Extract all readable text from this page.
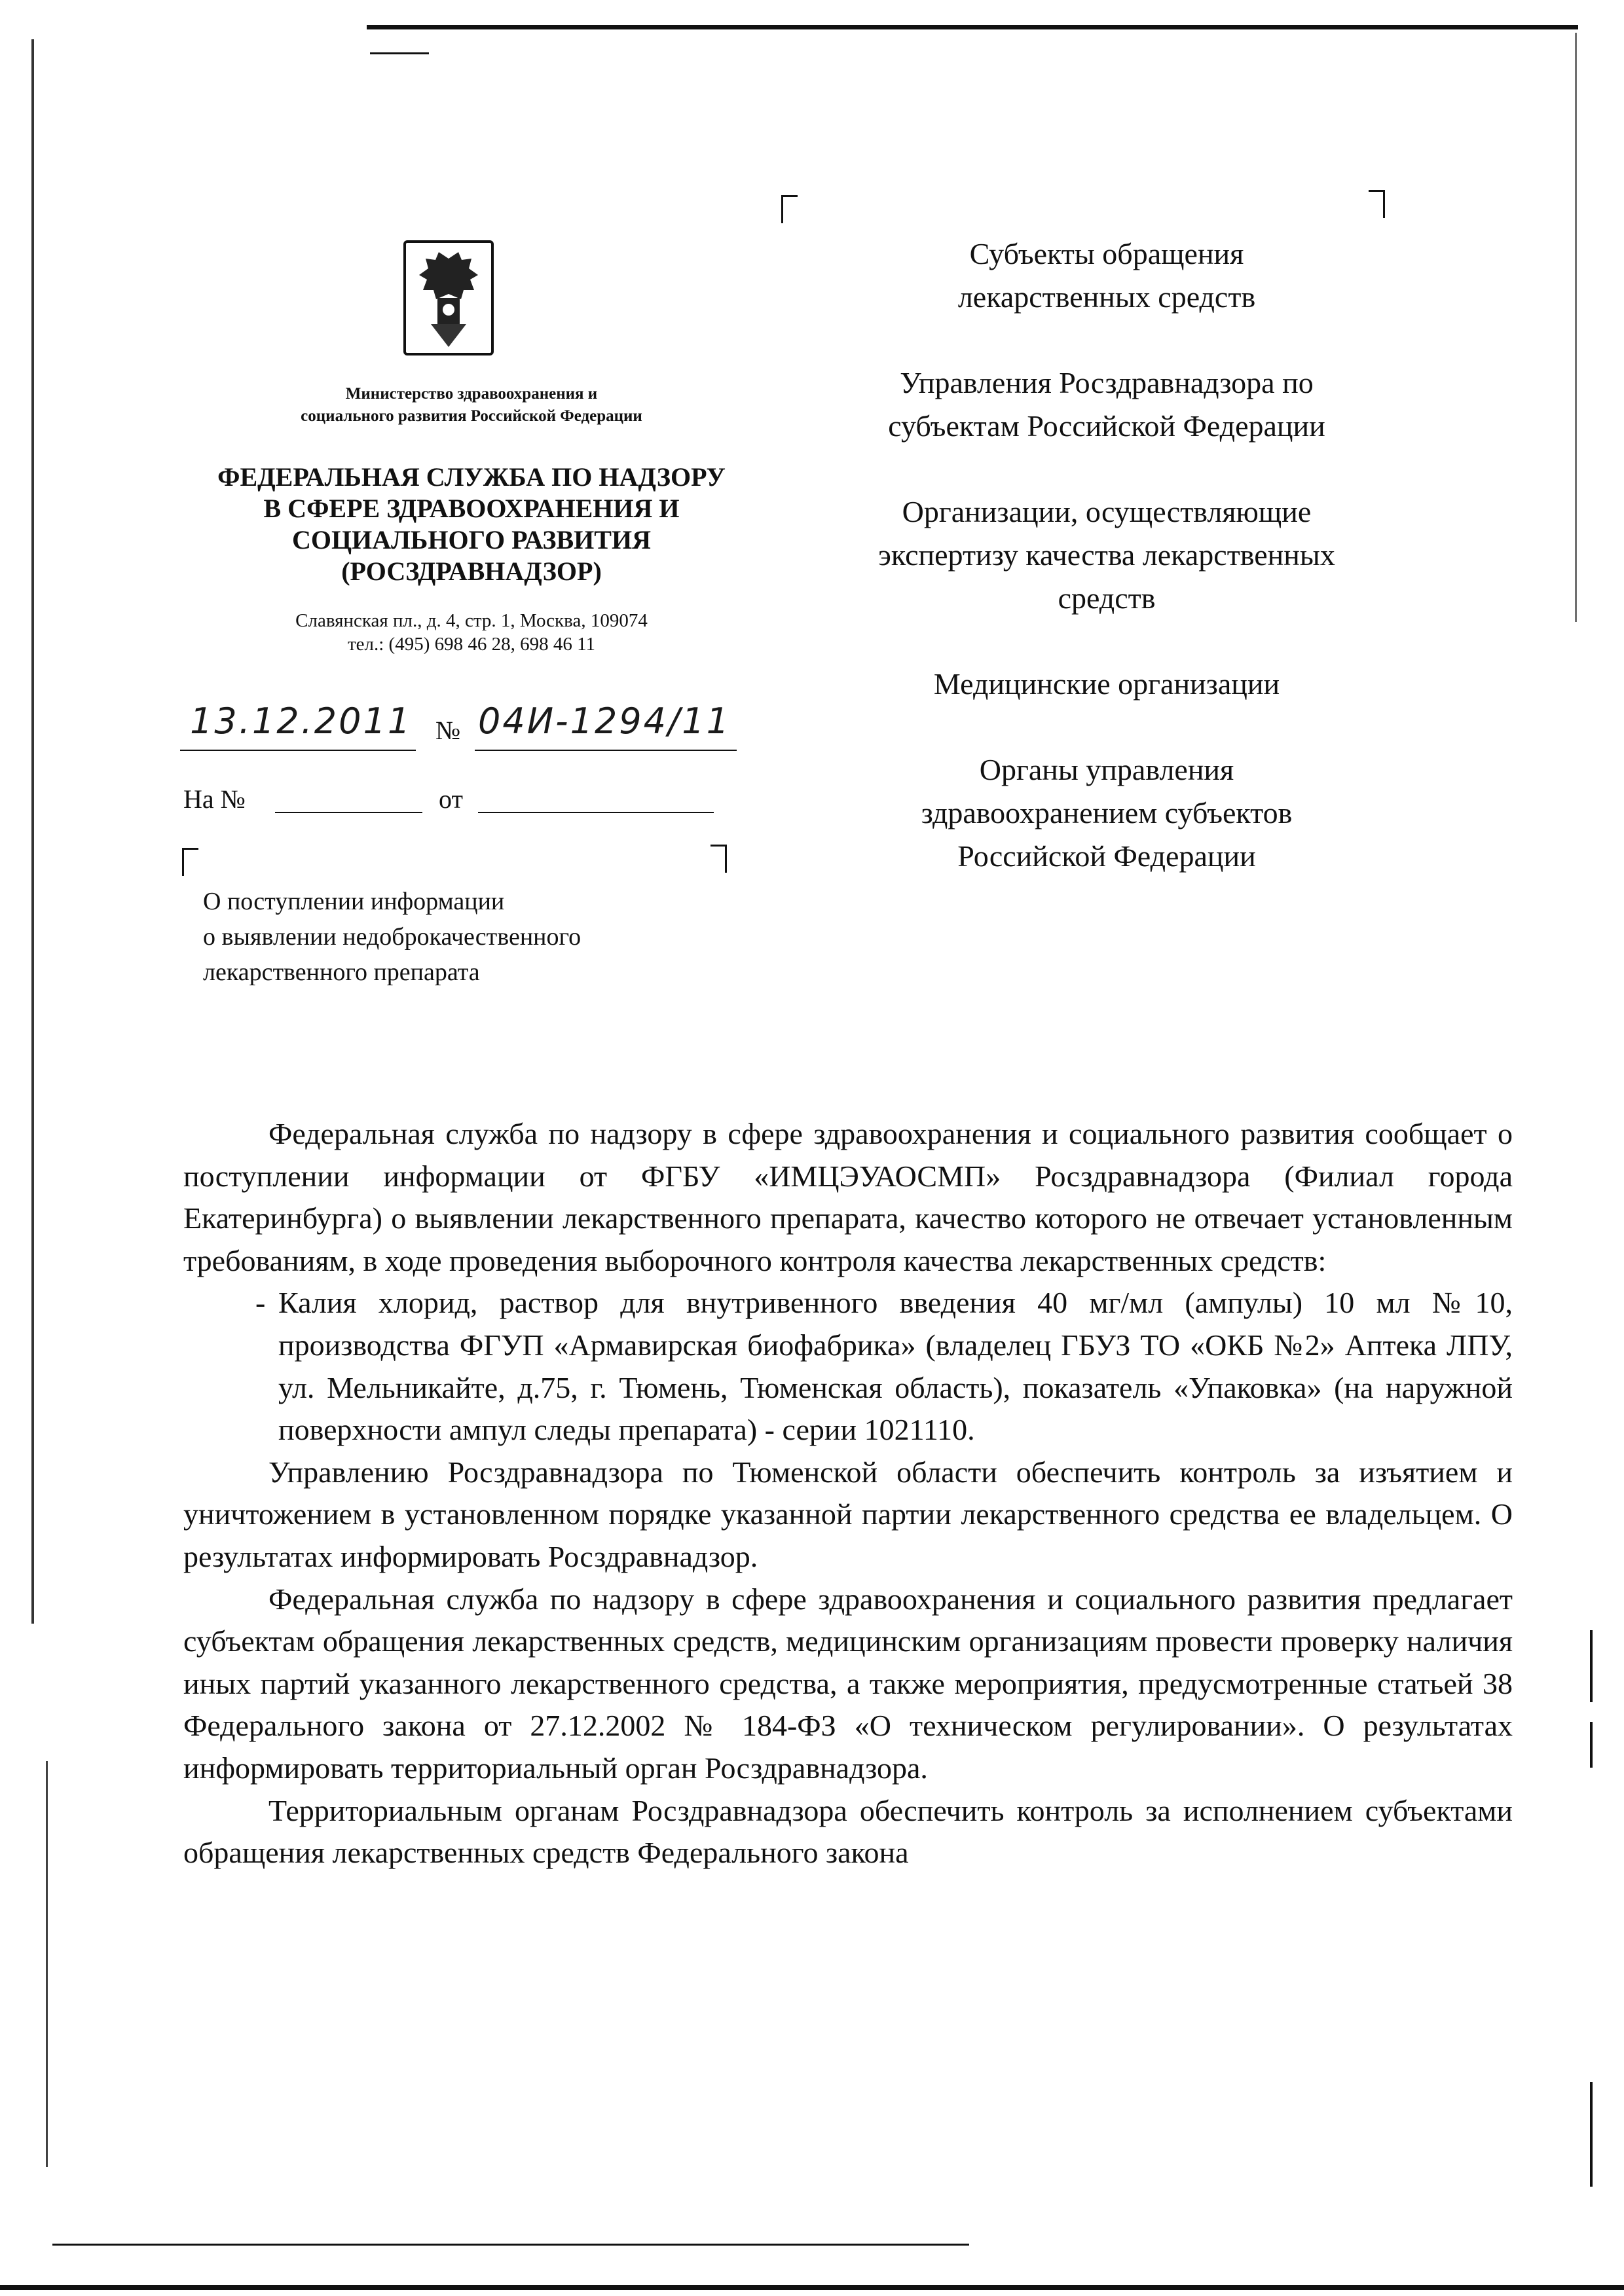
Министерство здравоохранения и
социального развития Российской Федерации
ФЕДЕРАЛЬНАЯ СЛУЖБА ПО НАДЗОРУ
В СФЕРЕ ЗДРАВООХРАНЕНИЯ И
СОЦИАЛЬНОГО РАЗВИТИЯ
(РОСЗДРАВНАДЗОР)
Славянская пл., д. 4, стр. 1, Москва, 109074
тел.: (495) 698 46 28, 698 46 11
13.12.2011 № 04И-1294/11
На №	от
О поступлении информации
о выявлении недоброкачественного
лекарственного препарата
Субъекты обращения
лекарственных средств
Управления Росздравнадзора по
субъектам Российской Федерации
Организации, осуществляющие
экспертизу качества лекарственных
средств
Медицинские организации
Органы управления
здравоохранением субъектов
Российской Федерации

Федеральная служба по надзору в сфере здравоохранения и социального развития сообщает о поступлении информации от ФГБУ «ИМЦЭУАОСМП» Росздравнадзора (Филиал города Екатеринбурга) о выявлении лекарственного препарата, качество которого не отвечает установленным требованиям, в ходе проведения выборочного контроля качества лекарственных средств:

- Калия хлорид, раствор для внутривенного введения 40 мг/мл (ампулы) 10 мл №10, производства ФГУП «Армавирская биофабрика» (владелец ГБУЗ ТО «ОКБ №2» Аптека ЛПУ, ул. Мельникайте, д.75, г. Тюмень, Тюменская область), показатель «Упаковка» (на наружной поверхности ампул следы препарата) - серии 1021110.

Управлению Росздравнадзора по Тюменской области обеспечить контроль за изъятием и уничтожением в установленном порядке указанной партии лекарственного средства ее владельцем. О результатах информировать Росздравнадзор.

Федеральная служба по надзору в сфере здравоохранения и социального развития предлагает субъектам обращения лекарственных средств, медицинским организациям провести проверку наличия иных партий указанного лекарственного средства, а также мероприятия, предусмотренные статьей 38 Федерального закона от 27.12.2002 № 184-ФЗ «О техническом регулировании». О результатах информировать территориальный орган Росздравнадзора.

Территориальным органам Росздравнадзора обеспечить контроль за исполнением субъектами обращения лекарственных средств Федерального закона
